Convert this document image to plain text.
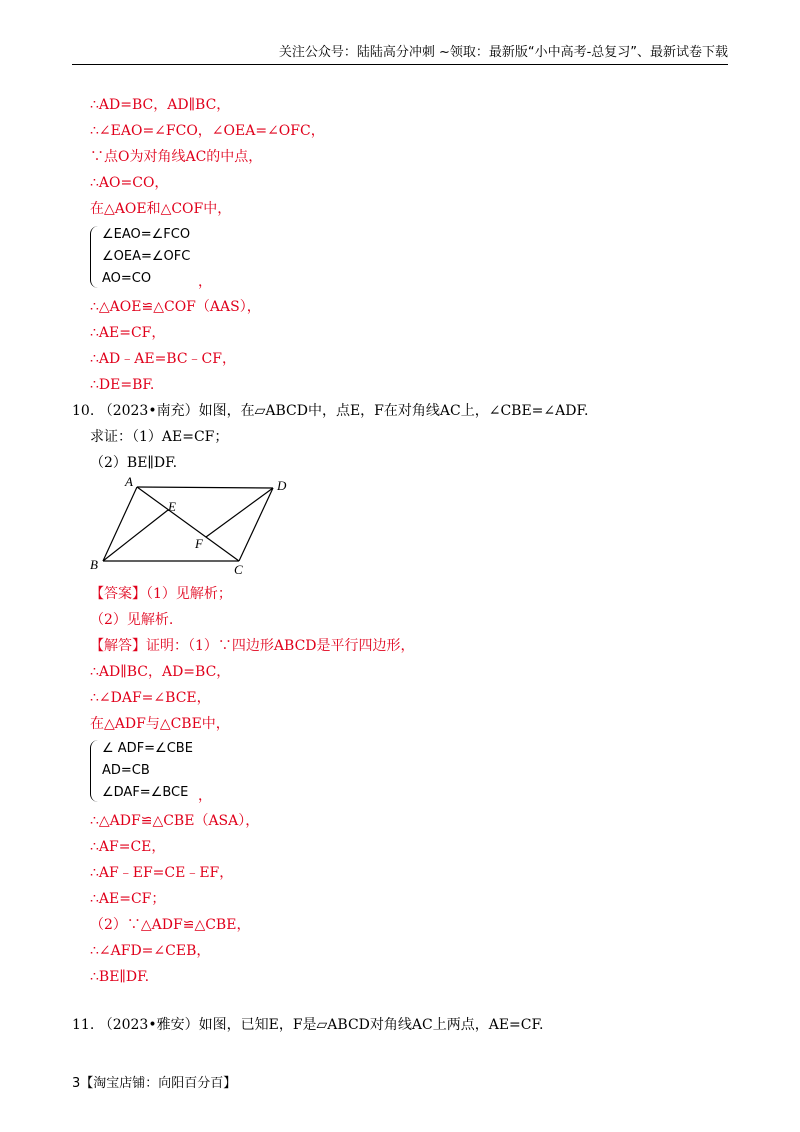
关注公众号：陆陆高分冲刺 ~领取：最新版“小中高考-总复习”、最新试卷下载
∴AD=BC，AD∥BC，
∴∠EAO=∠FCO，∠OEA=∠OFC，
∵点O为对角线AC的中点，
∴AO=CO，
在△AOE和△COF中，
∠EAO=∠FCO
∠OEA=∠OFC
AO=CO	，
∴△AOE≌△COF（AAS），
∴AE=CF，
∴AD﹣AE=BC﹣CF，
∴DE=BF.
10. （2023•南充）如图，在▱ABCD中，点E，F在对角线AC上，∠CBE=∠ADF.
求证：（1）AE=CF；
（2）BE∥DF.
A	D
E
F
B	C
【答案】（1）见解析；
（2）见解析.
【解答】证明：（1）∵四边形ABCD是平行四边形，
∴AD∥BC，AD=BC，
∴∠DAF=∠BCE，
在△ADF与△CBE中，
∠ ADF=∠CBE
AD=CB
∠DAF=∠BCE ，
∴△ADF≌△CBE（ASA），
∴AF=CE，
∴AF﹣EF=CE﹣EF，
∴AE=CF；
（2）∵△ADF≌△CBE，
∴∠AFD=∠CEB，
∴BE∥DF.
11. （2023•雅安）如图，已知E，F是▱ABCD对角线AC上两点，AE=CF.
3【淘宝店铺：向阳百分百】
